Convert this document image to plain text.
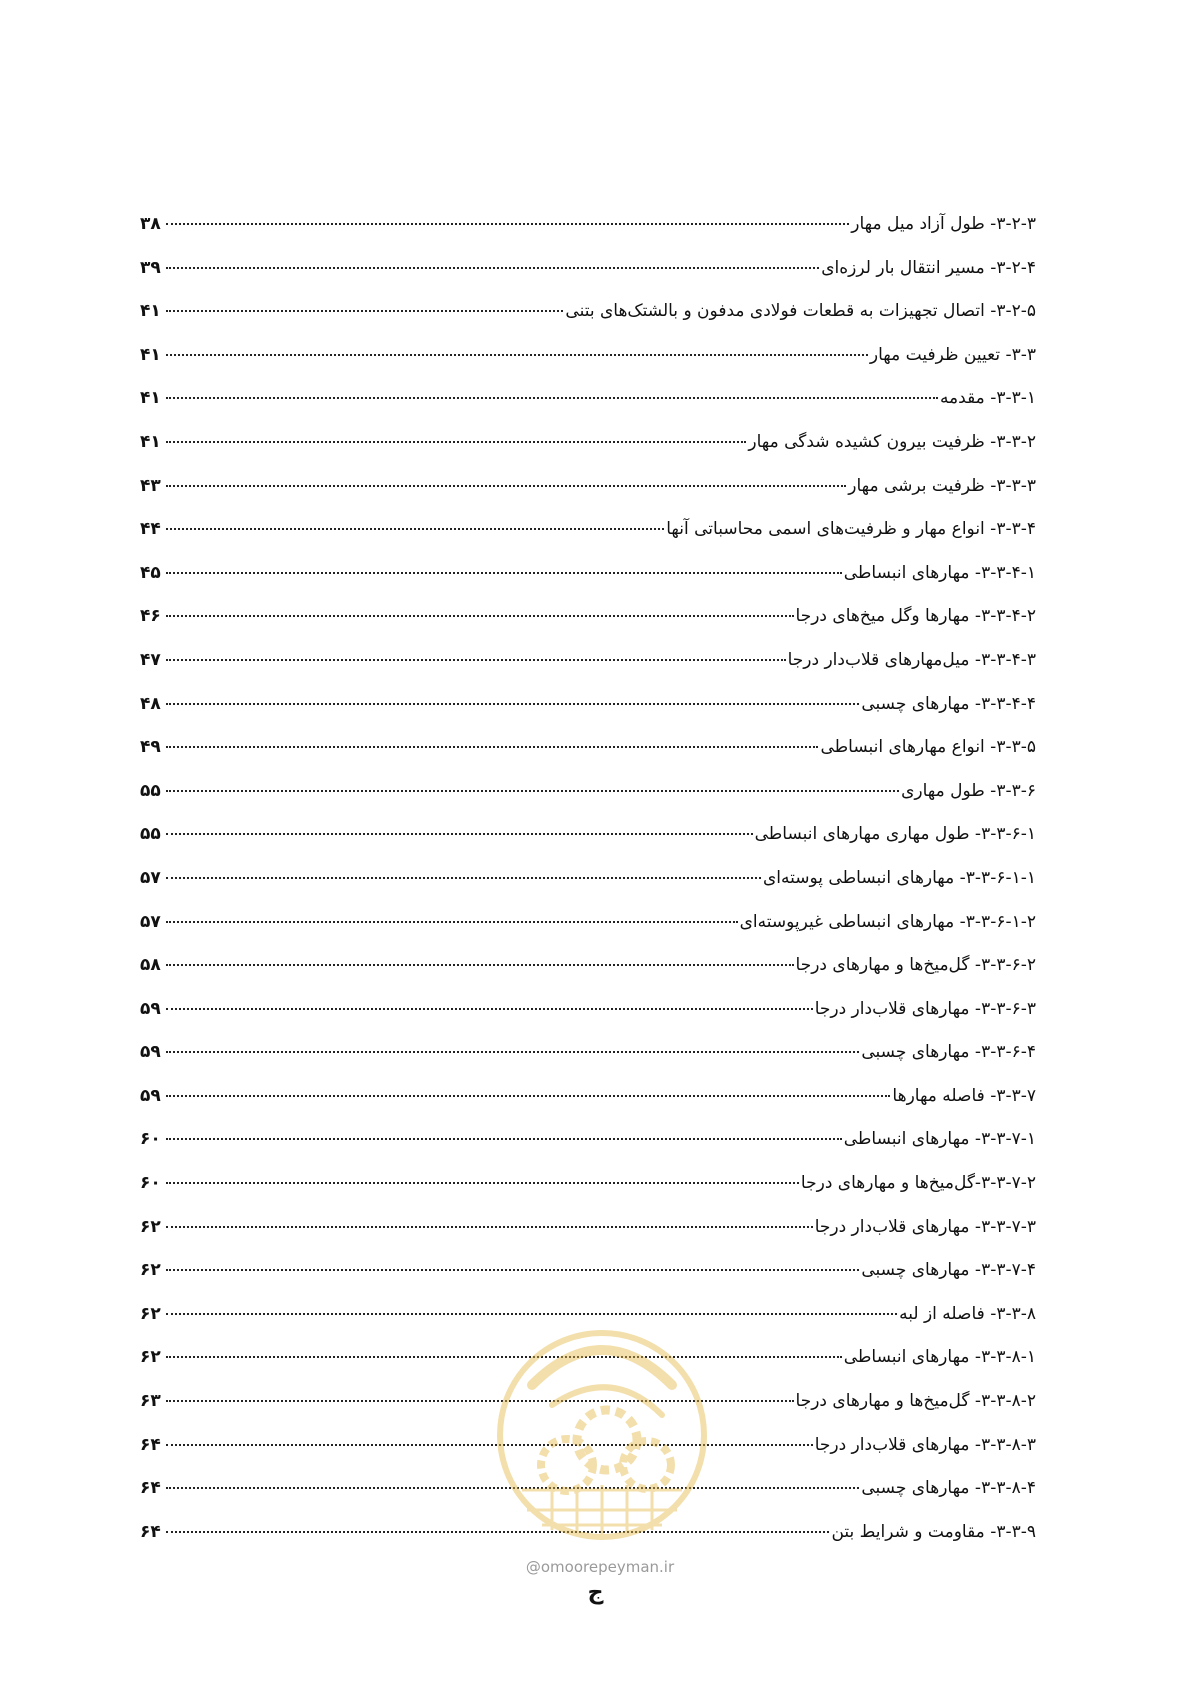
۳-۲-۳- طول آزاد میل مهار
۳۸
۳-۲-۴- مسیر انتقال بار لرزه‌ای
۳۹
۳-۲-۵- اتصال تجهیزات به قطعات فولادی مدفون و بالشتک‌های بتنی
۴۱
۳-۳- تعیین ظرفیت مهار
۴۱
۳-۳-۱- مقدمه
۴۱
۳-۳-۲- ظرفیت بیرون کشیده شدگی مهار
۴۱
۳-۳-۳- ظرفیت برشی مهار
۴۳
۳-۳-۴- انواع مهار و ظرفیت‌های اسمی محاسباتی آنها
۴۴
۳-۳-۴-۱- مهارهای انبساطی
۴۵
۳-۳-۴-۲- مهارها وگل میخ‌های درجا
۴۶
۳-۳-۴-۳- میل‌مهارهای قلاب‌دار درجا
۴۷
۳-۳-۴-۴- مهارهای چسبی
۴۸
۳-۳-۵- انواع مهارهای انبساطی
۴۹
۳-۳-۶- طول مهاری
۵۵
۳-۳-۶-۱- طول مهاری مهارهای انبساطی
۵۵
۳-۳-۶-۱-۱- مهارهای انبساطی پوسته‌ای
۵۷
۳-۳-۶-۱-۲- مهارهای انبساطی غیرپوسته‌ای
۵۷
۳-۳-۶-۲- گل‌میخ‌ها و مهارهای درجا
۵۸
۳-۳-۶-۳- مهارهای قلاب‌دار درجا
۵۹
۳-۳-۶-۴- مهارهای چسبی
۵۹
۳-۳-۷- فاصله مهارها
۵۹
۳-۳-۷-۱- مهارهای انبساطی
۶۰
۳-۳-۷-۲-گل‌میخ‌ها و مهارهای درجا
۶۰
۳-۳-۷-۳- مهارهای قلاب‌دار درجا
۶۲
۳-۳-۷-۴- مهارهای چسبی
۶۲
۳-۳-۸- فاصله از لبه
۶۲
۳-۳-۸-۱- مهارهای انبساطی
۶۲
۳-۳-۸-۲- گل‌میخ‌ها و مهارهای درجا
۶۳
۳-۳-۸-۳- مهارهای قلاب‌دار درجا
۶۴
۳-۳-۸-۴- مهارهای چسبی
۶۴
۳-۳-۹- مقاومت و شرایط بتن
۶۴
@omoorepeyman.ir
ج
